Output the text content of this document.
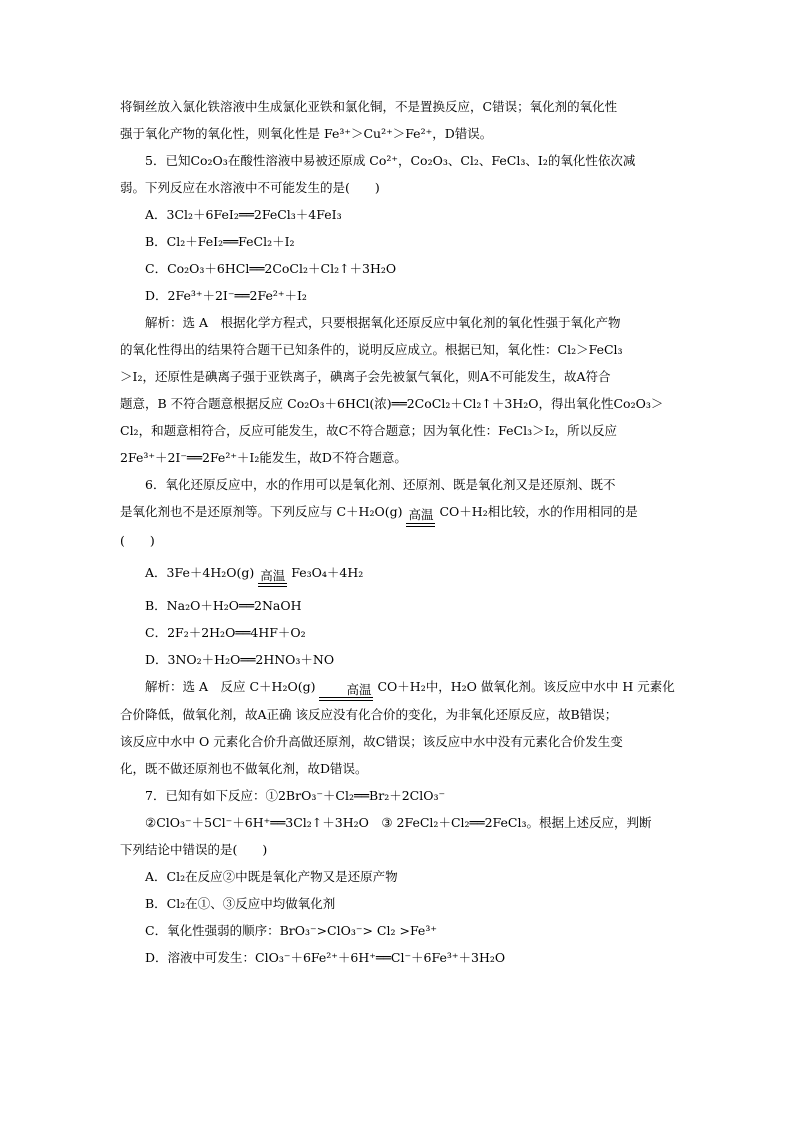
将铜丝放入氯化铁溶液中生成氯化亚铁和氯化铜，不是置换反应，C错误；氧化剂的氧化性

强于氧化产物的氧化性，则氧化性是 Fe³⁺＞Cu²⁺＞Fe²⁺，D错误。

5．已知Co₂O₃在酸性溶液中易被还原成 Co²⁺，Co₂O₃、Cl₂、FeCl₃、I₂的氧化性依次减

弱。下列反应在水溶液中不可能发生的是(　　)

A．3Cl₂＋6FeI₂══2FeCl₃＋4FeI₃
B．Cl₂＋FeI₂══FeCl₂＋I₂
C．Co₂O₃＋6HCl══2CoCl₂＋Cl₂↑＋3H₂O
D．2Fe³⁺＋2I⁻══2Fe²⁺＋I₂

解析：选 A　根据化学方程式，只要根据氧化还原反应中氧化剂的氧化性强于氧化产物

的氧化性得出的结果符合题干已知条件的，说明反应成立。根据已知，氧化性：Cl₂＞FeCl₃

＞I₂，还原性是碘离子强于亚铁离子，碘离子会先被氯气氧化，则A不可能发生，故A符合

题意，B 不符合题意根据反应 Co₂O₃＋6HCl(浓)══2CoCl₂＋Cl₂↑＋3H₂O，得出氧化性Co₂O₃＞

Cl₂，和题意相符合，反应可能发生，故C不符合题意；因为氧化性：FeCl₃＞I₂，所以反应

2Fe³⁺＋2I⁻══2Fe²⁺＋I₂能发生，故D不符合题意。

6．氧化还原反应中，水的作用可以是氧化剂、还原剂、既是氧化剂又是还原剂、既不

是氧化剂也不是还原剂等。下列反应与 C＋H₂O(g) 高温 CO＋H₂相比较，水的作用相同的是

(　　)

A．3Fe＋4H₂O(g) 高温 Fe₃O₄＋4H₂
B．Na₂O＋H₂O══2NaOH
C．2F₂＋2H₂O══4HF＋O₂
D．3NO₂＋H₂O══2HNO₃＋NO

解析：选 A　反应 C＋H₂O(g)	高温 CO＋H₂中，H₂O 做氧化剂。该反应中水中 H 元素化

合价降低，做氧化剂，故A正确 该反应没有化合价的变化，为非氧化还原反应，故B错误；

该反应中水中 O 元素化合价升高做还原剂，故C错误；该反应中水中没有元素化合价发生变

化，既不做还原剂也不做氧化剂，故D错误。

7．已知有如下反应：①2BrO₃⁻＋Cl₂══Br₂＋2ClO₃⁻

②ClO₃⁻＋5Cl⁻＋6H⁺══3Cl₂↑＋3H₂O　③ 2FeCl₂＋Cl₂══2FeCl₃。根据上述反应，判断

下列结论中错误的是(　　)

A．Cl₂在反应②中既是氧化产物又是还原产物
B．Cl₂在①、③反应中均做氧化剂
C．氧化性强弱的顺序：BrO₃⁻>ClO₃⁻> Cl₂ >Fe³⁺
D．溶液中可发生：ClO₃⁻＋6Fe²⁺＋6H⁺══Cl⁻＋6Fe³⁺＋3H₂O
